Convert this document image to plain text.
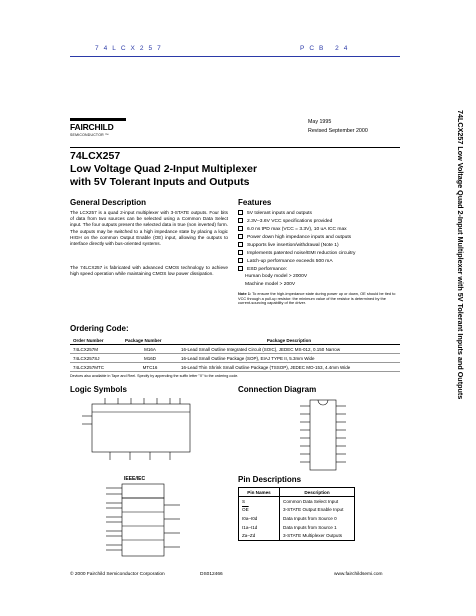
74LCX257	PCB 24
FAIRCHILD
SEMICONDUCTOR ™
May 1995
Revised September 2000
74LCX257
Low Voltage Quad 2-Input Multiplexer
with 5V Tolerant Inputs and Outputs
General Description
The LCX257 is a quad 2-input multiplexer with 3-STATE outputs. Four bits of data from two sources can be selected using a Common Data Select input. The four outputs present the selected data in true (non inverted) form. The outputs may be switched to a high impedance state by placing a logic HIGH on the common Output Enable (OE) input, allowing the outputs to interface directly with bus-oriented systems.
The 74LCX257 is fabricated with advanced CMOS technology to achieve high speed operation while maintaining CMOS low power dissipation.
Features
5V tolerant inputs and outputs
2.3V–3.6V VCC specifications provided
6.0 ns tPD max (VCC = 3.3V), 10 uA ICC max
Power down high impedance inputs and outputs
Supports live insertion/withdrawal (Note 1)
Implements patented noise/EMI reduction circuitry
Latch-up performance exceeds 500 mA
ESD performance:
Human body model > 2000V
Machine model > 200V
Note 1: To ensure the high-impedance state during power up or down, OE should be tied to VCC through a pull-up resistor: the minimum value of the resistor is determined by the current-sourcing capability of the driver.
Ordering Code:
Order Number	Package Number	Package Description
74LCX257M	M16A	16-Lead Small Outline Integrated Circuit (SOIC), JEDEC MS-012, 0.150 Narrow
74LCX257SJ	M16D	16-Lead Small Outline Package (SOP), EIAJ TYPE II, 5.3mm Wide
74LCX257MTC	MTC16	16-Lead Thin Shrink Small Outline Package (TSSOP), JEDEC MO-153, 4.4mm Wide
Devices also available in Tape and Reel. Specify by appending the suffix letter "X" to the ordering code.
Logic Symbols
IEEE/IEC
Connection Diagram
Pin Descriptions
Pin Names	Description
S	Common Data Select Input
$\overline{OE}$	3-STATE Output Enable Input
I0a–I0d	Data Inputs from Source 0
I1a–I1d	Data Inputs from Source 1
Za–Zd	3-STATE Multiplexer Outputs
74LCX257 Low Voltage Quad 2-Input Multiplexer with 5V Tolerant Inputs and Outputs
© 2000 Fairchild Semiconductor Corporation	DS012466	www.fairchildsemi.com
